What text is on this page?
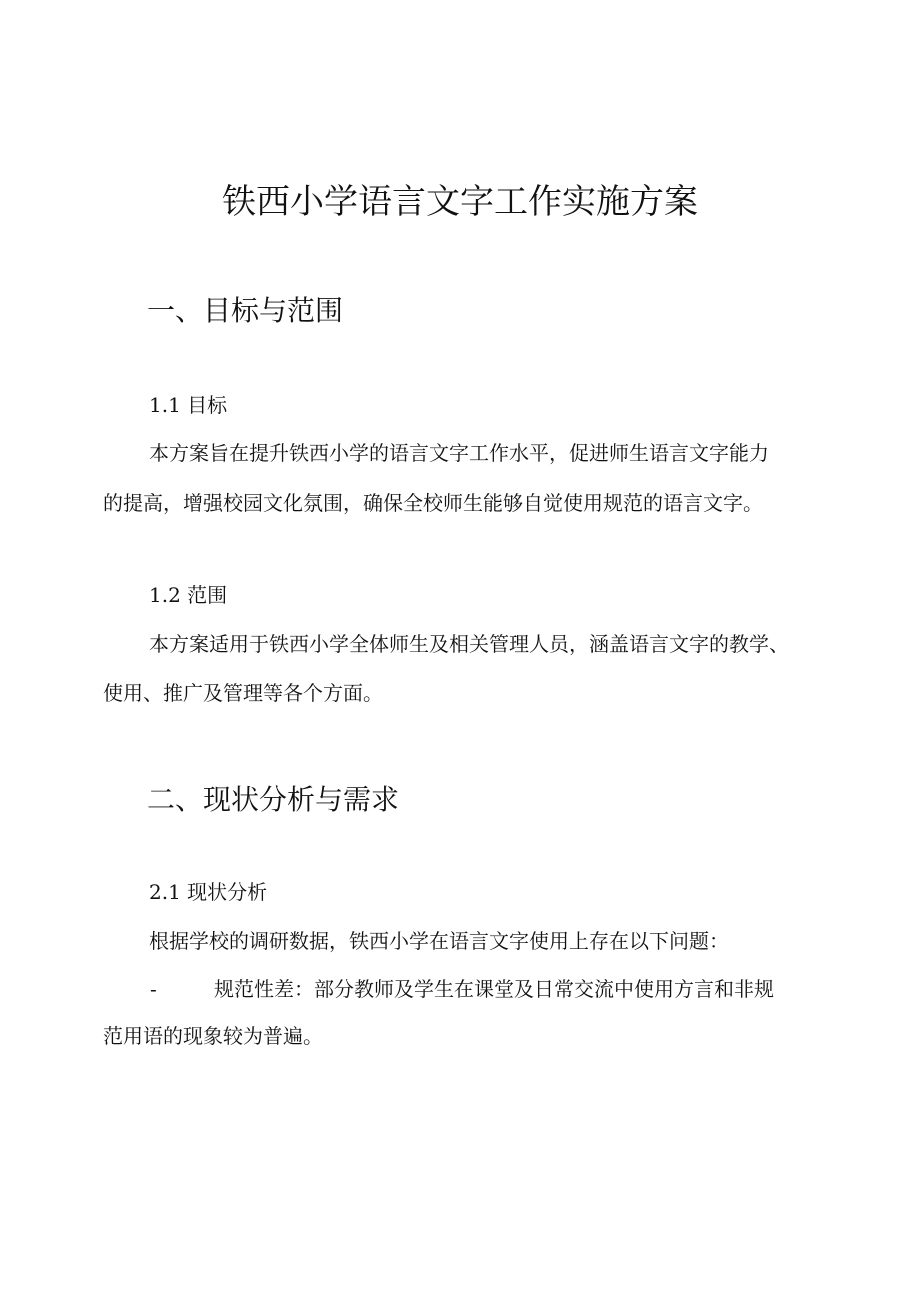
铁西小学语言文字工作实施方案
一、目标与范围
1.1 目标
本方案旨在提升铁西小学的语言文字工作水平，促进师生语言文字能力
的提高，增强校园文化氛围，确保全校师生能够自觉使用规范的语言文字。
1.2 范围
本方案适用于铁西小学全体师生及相关管理人员，涵盖语言文字的教学、
使用、推广及管理等各个方面。
二、现状分析与需求
2.1 现状分析
根据学校的调研数据，铁西小学在语言文字使用上存在以下问题：
-	规范性差：部分教师及学生在课堂及日常交流中使用方言和非规
范用语的现象较为普遍。
